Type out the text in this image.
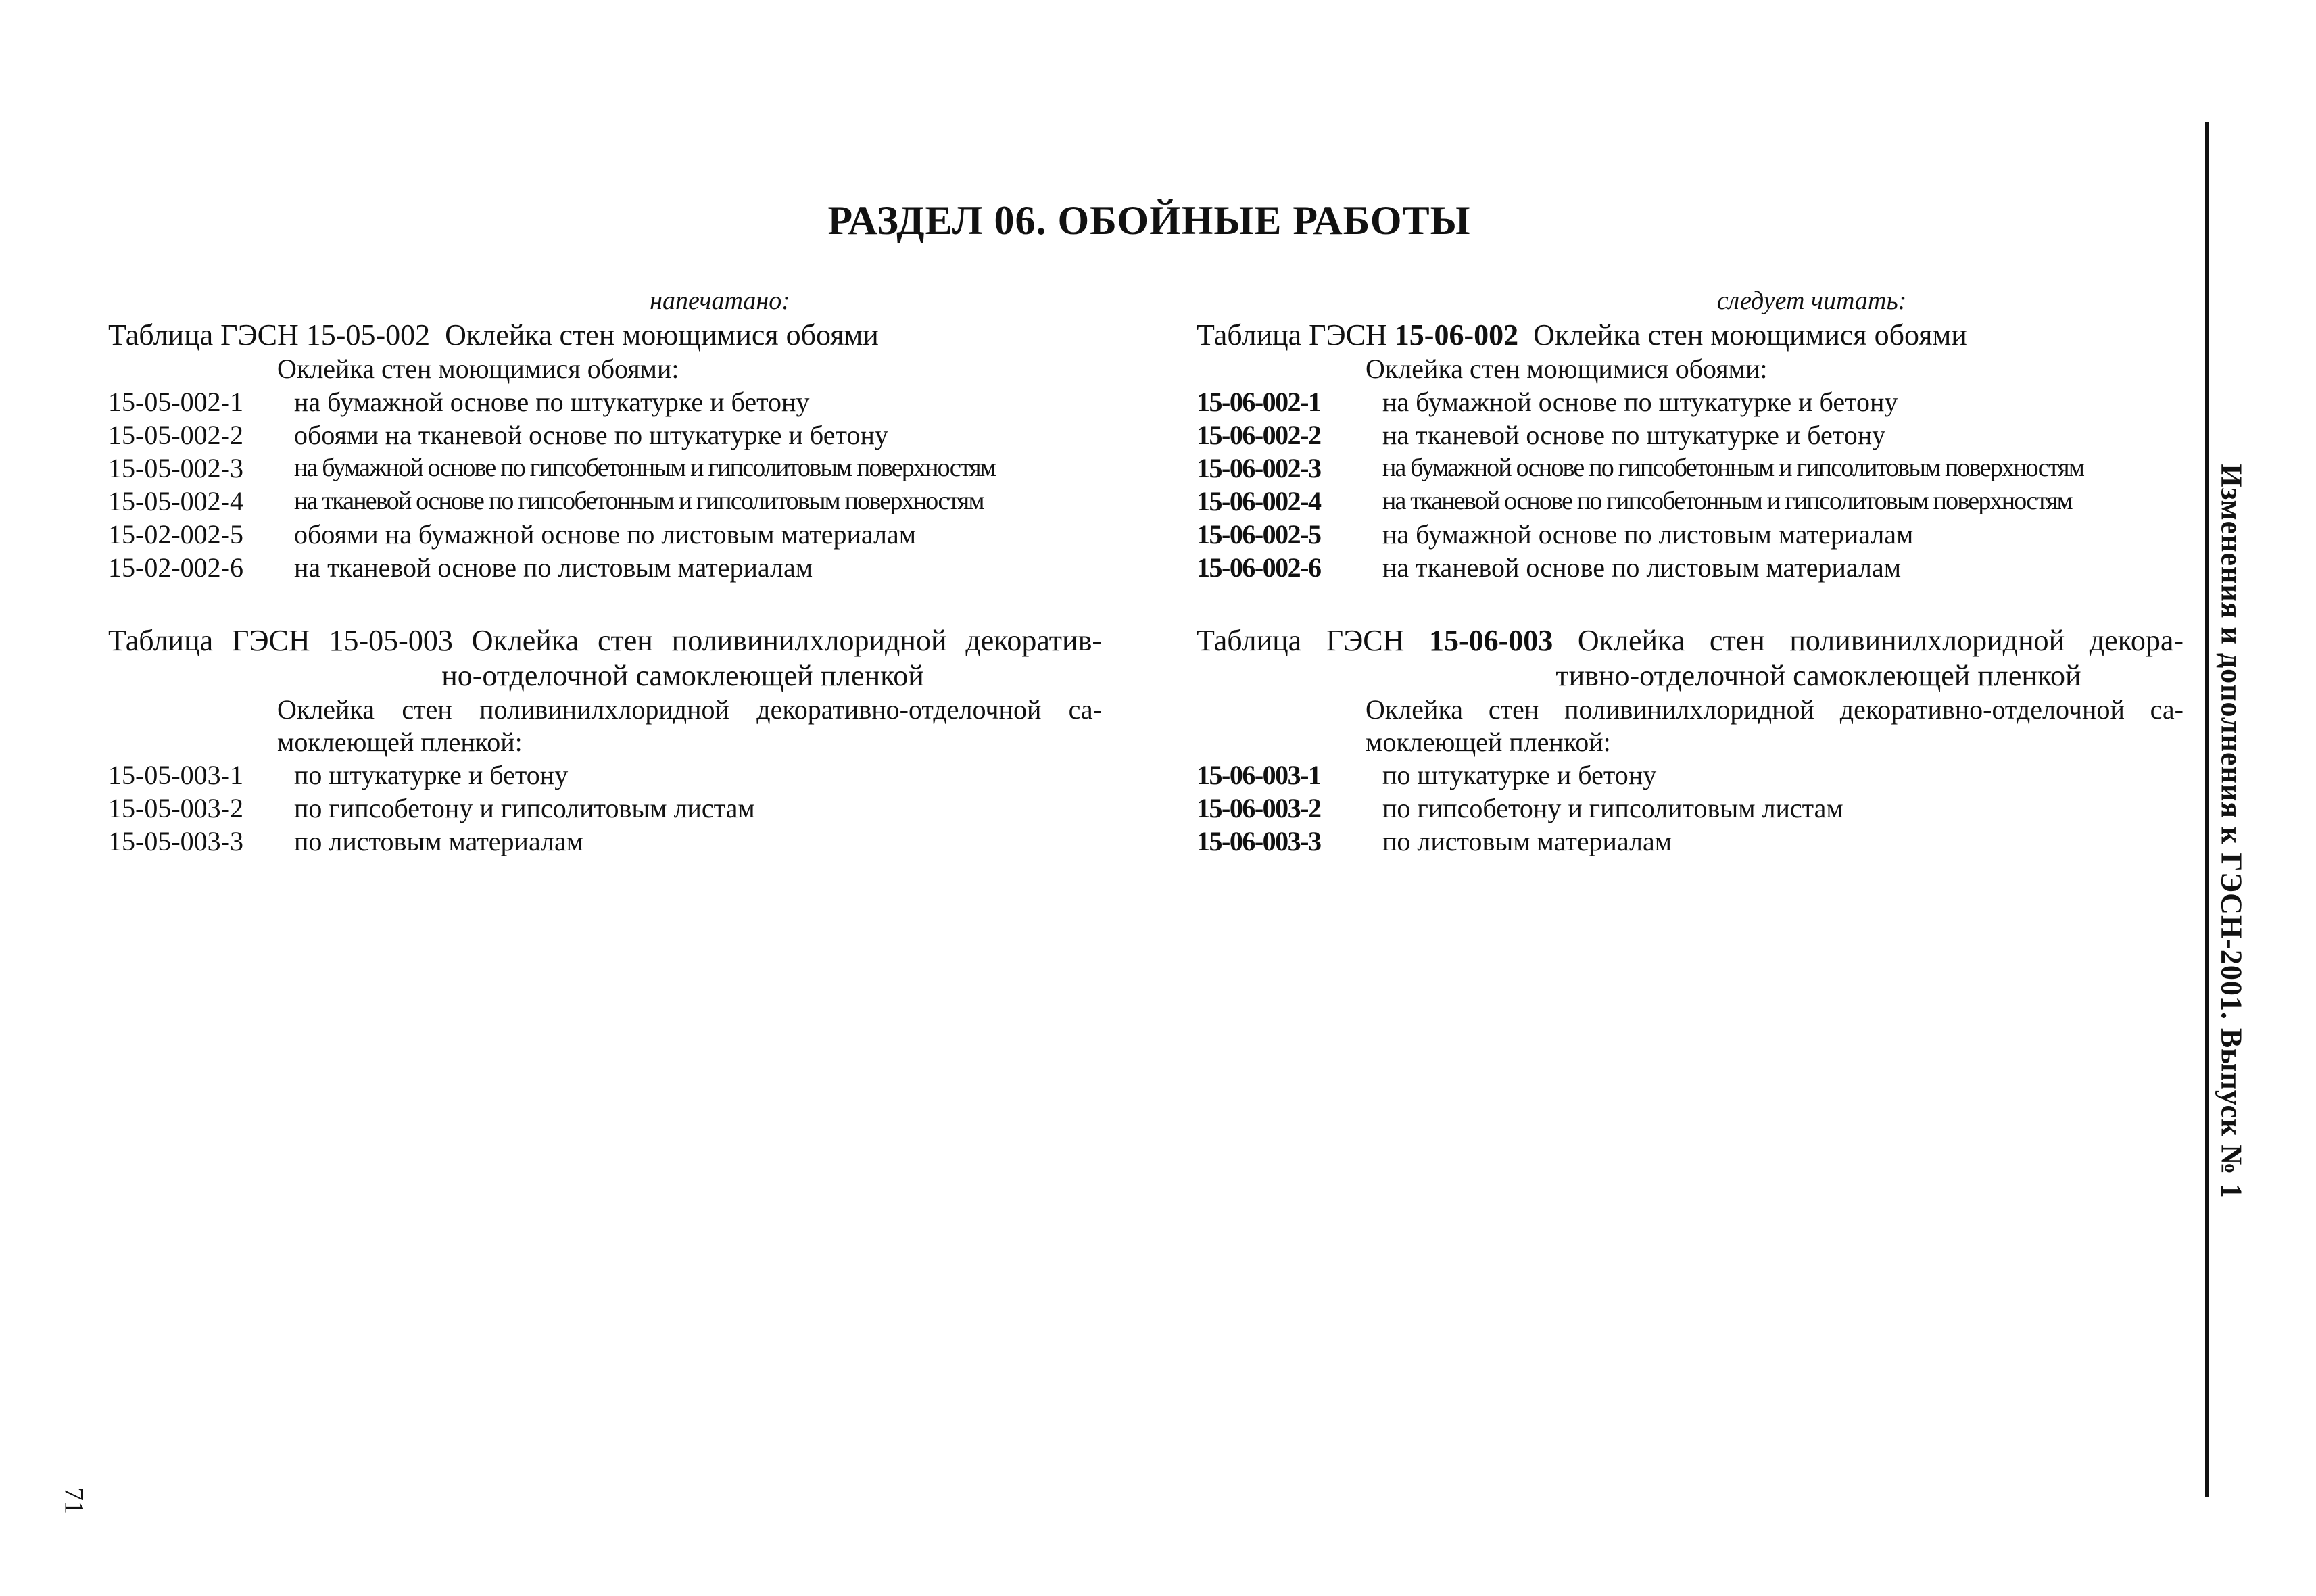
РАЗДЕЛ 06. ОБОЙНЫЕ РАБОТЫ
напечатано:
Таблица ГЭСН 15-05-002 Оклейка стен моющимися обоями
Оклейка стен моющимися обоями:
15-05-002-1	на бумажной основе по штукатурке и бетону
15-05-002-2	обоями на тканевой основе по штукатурке и бетону
15-05-002-3	на бумажной основе по гипсобетонным и гипсолитовым поверхностям
15-05-002-4	на тканевой основе по гипсобетонным и гипсолитовым поверхностям
15-02-002-5	обоями на бумажной основе по листовым материалам
15-02-002-6	на тканевой основе по листовым материалам
Таблица ГЭСН 15-05-003 Оклейка стен поливинилхлоридной декоратив-
но-отделочной самоклеющей пленкой
Оклейка стен поливинилхлоридной декоративно-отделочной са-
моклеющей пленкой:
15-05-003-1	по штукатурке и бетону
15-05-003-2	по гипсобетону и гипсолитовым листам
15-05-003-3	по листовым материалам
следует читать:
Таблица ГЭСН 15-06-002 Оклейка стен моющимися обоями
Оклейка стен моющимися обоями:
15-06-002-1	на бумажной основе по штукатурке и бетону
15-06-002-2	на тканевой основе по штукатурке и бетону
15-06-002-3	на бумажной основе по гипсобетонным и гипсолитовым поверхностям
15-06-002-4	на тканевой основе по гипсобетонным и гипсолитовым поверхностям
15-06-002-5	на бумажной основе по листовым материалам
15-06-002-6	на тканевой основе по листовым материалам
Таблица ГЭСН 15-06-003 Оклейка стен поливинилхлоридной декора-
тивно-отделочной самоклеющей пленкой
Оклейка стен поливинилхлоридной декоративно-отделочной са-
моклеющей пленкой:
15-06-003-1	по штукатурке и бетону
15-06-003-2	по гипсобетону и гипсолитовым листам
15-06-003-3	по листовым материалам	Изменения и дополнения к ГЭСН-2001. Выпуск № 1
71
